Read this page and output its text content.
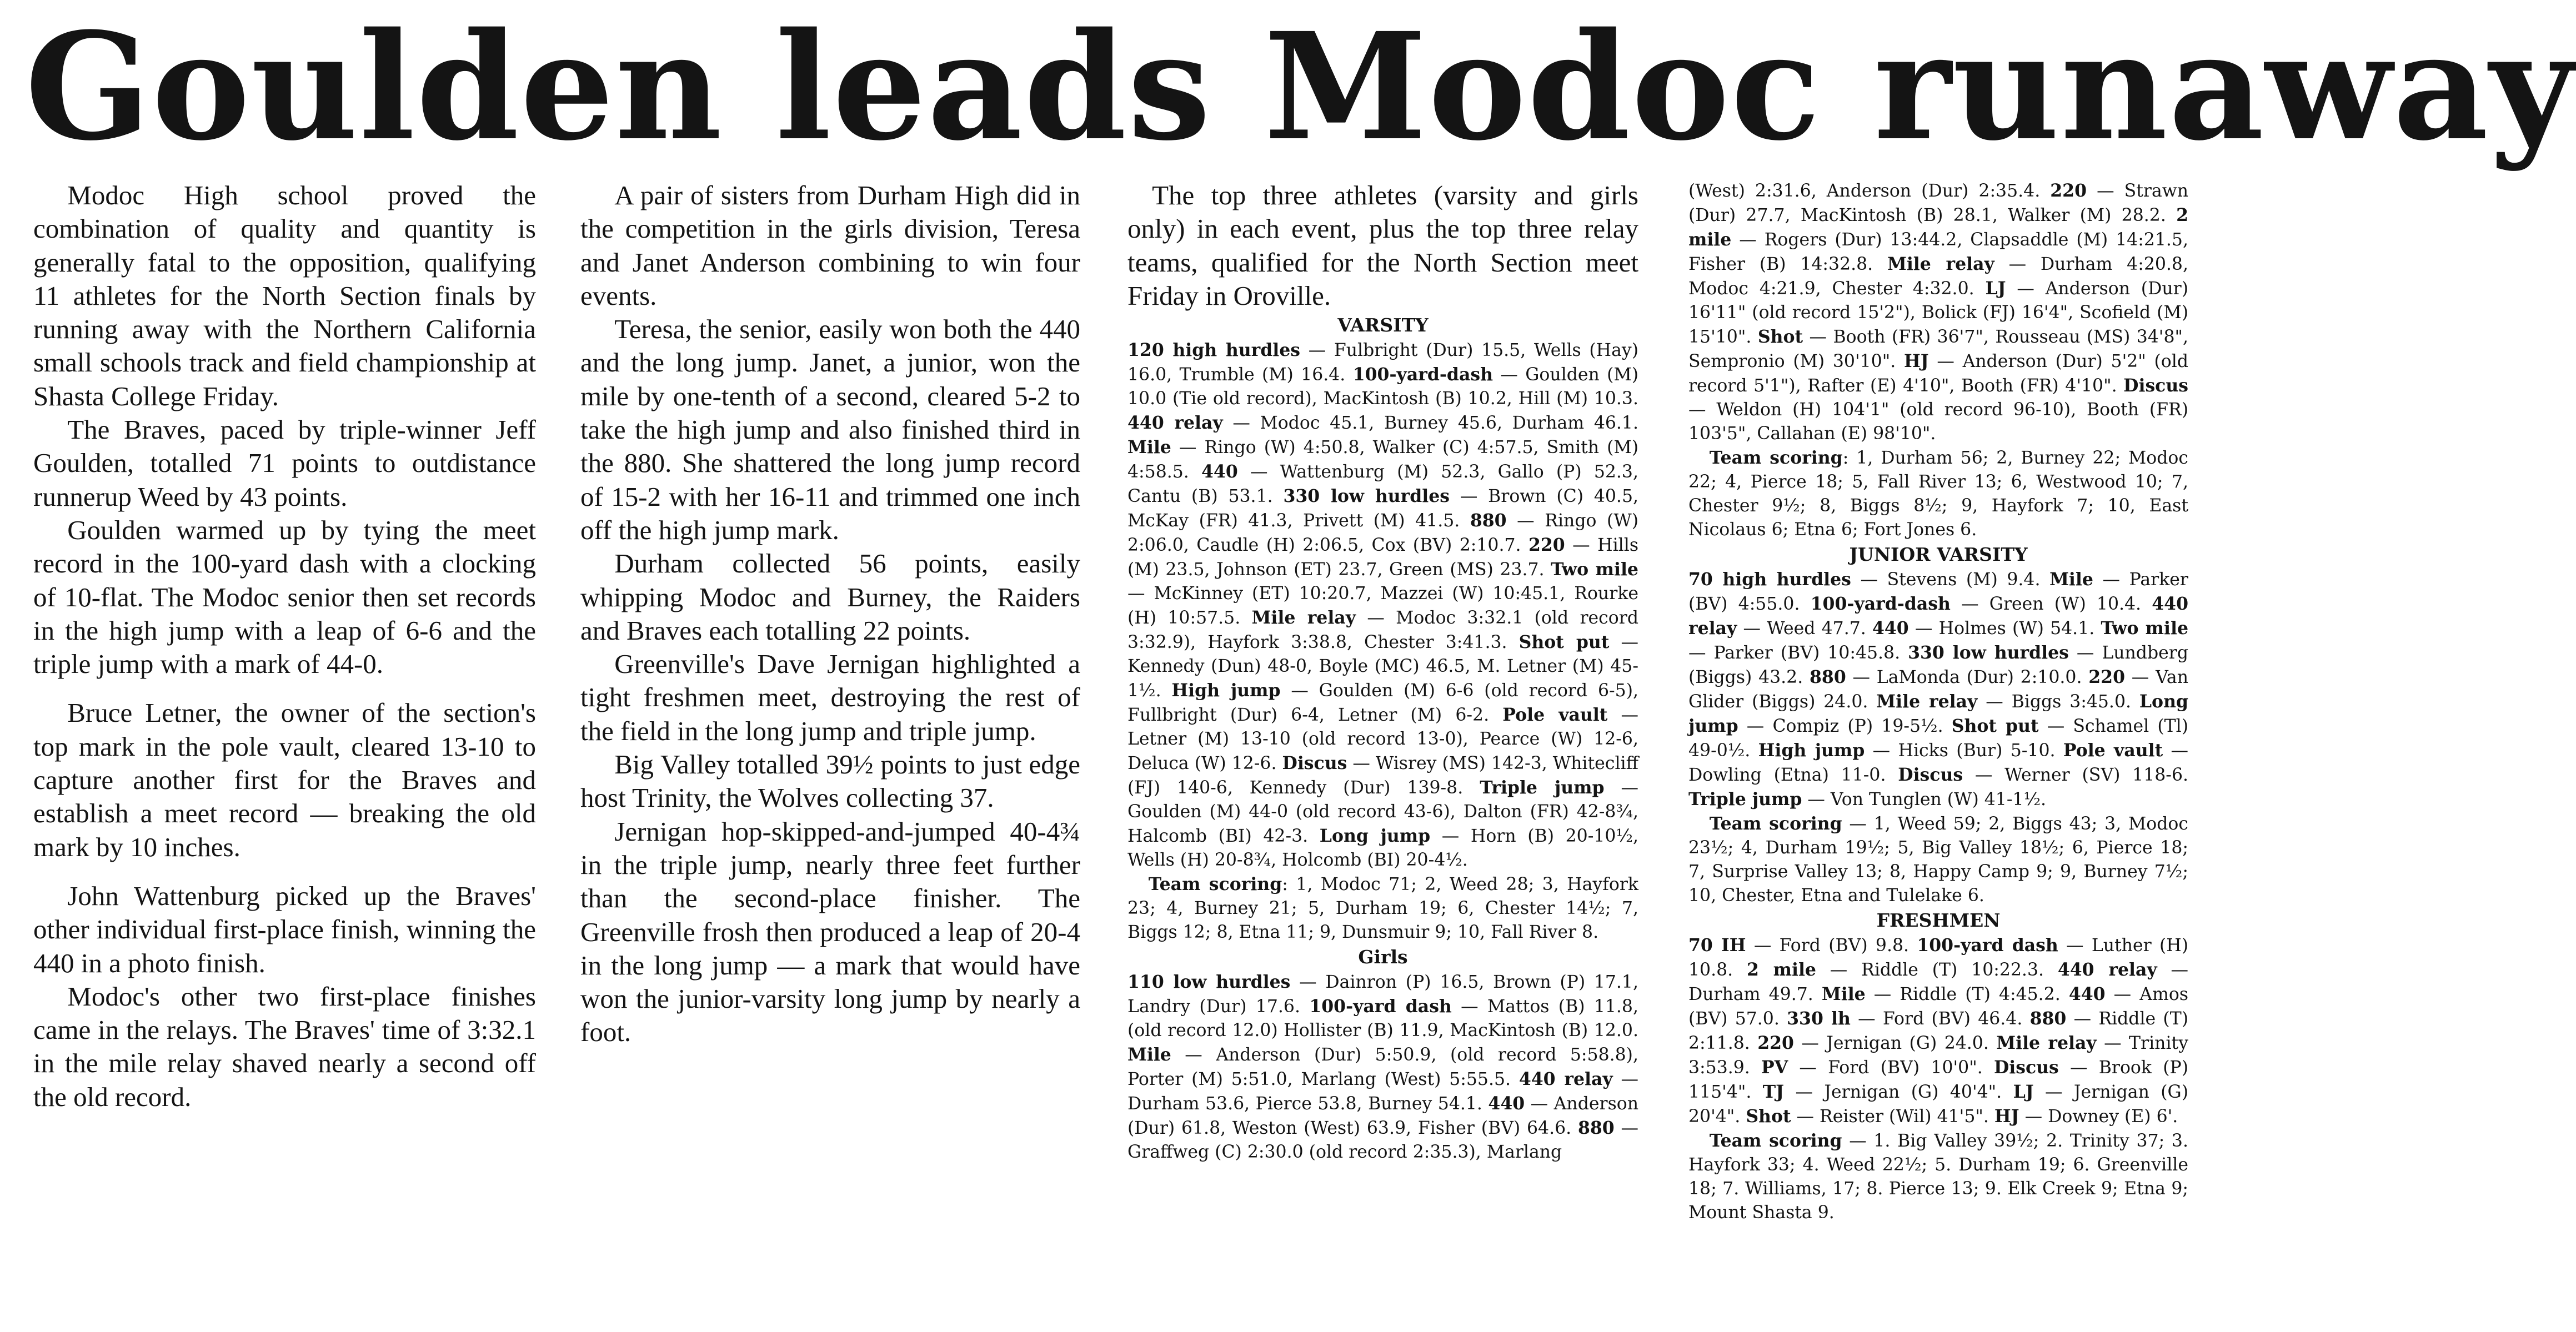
Goulden leads Modoc runaway

Modoc High school proved the combination of quality and quantity is generally fatal to the opposition, qualifying 11 athletes for the North Section finals by running away with the Northern California small schools track and field championship at Shasta College Friday.

The Braves, paced by triple-winner Jeff Goulden, totalled 71 points to outdistance runnerup Weed by 43 points.

Goulden warmed up by tying the meet record in the 100-yard dash with a clocking of 10-flat. The Modoc senior then set records in the high jump with a leap of 6-6 and the triple jump with a mark of 44-0.

Bruce Letner, the owner of the section's top mark in the pole vault, cleared 13-10 to capture another first for the Braves and establish a meet record — breaking the old mark by 10 inches.

John Wattenburg picked up the Braves' other individual first-place finish, winning the 440 in a photo finish.

Modoc's other two first-place finishes came in the relays. The Braves' time of 3:32.1 in the mile relay shaved nearly a second off the old record.

A pair of sisters from Durham High did in the competition in the girls division, Teresa and Janet Anderson combining to win four events.

Teresa, the senior, easily won both the 440 and the long jump. Janet, a junior, won the mile by one-tenth of a second, cleared 5-2 to take the high jump and also finished third in the 880. She shattered the long jump record of 15-2 with her 16-11 and trimmed one inch off the high jump mark.

Durham collected 56 points, easily whipping Modoc and Burney, the Raiders and Braves each totalling 22 points.

Greenville's Dave Jernigan highlighted a tight freshmen meet, destroying the rest of the field in the long jump and triple jump.

Big Valley totalled 39½ points to just edge host Trinity, the Wolves collecting 37.

Jernigan hop-skipped-and-jumped 40-4¾ in the triple jump, nearly three feet further than the second-place finisher. The Greenville frosh then produced a leap of 20-4 in the long jump — a mark that would have won the junior-varsity long jump by nearly a foot.

The top three athletes (varsity and girls only) in each event, plus the top three relay teams, qualified for the North Section meet Friday in Oroville.

VARSITY

120 high hurdles — Fulbright (Dur) 15.5, Wells (Hay) 16.0, Trumble (M) 16.4. 100-yard-dash — Goulden (M) 10.0 (Tie old record), MacKintosh (B) 10.2, Hill (M) 10.3. 440 relay — Modoc 45.1, Burney 45.6, Durham 46.1. Mile — Ringo (W) 4:50.8, Walker (C) 4:57.5, Smith (M) 4:58.5. 440 — Wattenburg (M) 52.3, Gallo (P) 52.3, Cantu (B) 53.1. 330 low hurdles — Brown (C) 40.5, McKay (FR) 41.3, Privett (M) 41.5. 880 — Ringo (W) 2:06.0, Caudle (H) 2:06.5, Cox (BV) 2:10.7. 220 — Hills (M) 23.5, Johnson (ET) 23.7, Green (MS) 23.7. Two mile — McKinney (ET) 10:20.7, Mazzei (W) 10:45.1, Rourke (H) 10:57.5. Mile relay — Modoc 3:32.1 (old record 3:32.9), Hayfork 3:38.8, Chester 3:41.3. Shot put — Kennedy (Dun) 48-0, Boyle (MC) 46.5, M. Letner (M) 45-1½. High jump — Goulden (M) 6-6 (old record 6-5), Fullbright (Dur) 6-4, Letner (M) 6-2. Pole vault — Letner (M) 13-10 (old record 13-0), Pearce (W) 12-6, Deluca (W) 12-6. Discus — Wisrey (MS) 142-3, Whitecliff (FJ) 140-6, Kennedy (Dur) 139-8. Triple jump — Goulden (M) 44-0 (old record 43-6), Dalton (FR) 42-8¾, Halcomb (BI) 42-3. Long jump — Horn (B) 20-10½, Wells (H) 20-8¾, Holcomb (BI) 20-4½.

Team scoring: 1, Modoc 71; 2, Weed 28; 3, Hayfork 23; 4, Burney 21; 5, Durham 19; 6, Chester 14½; 7, Biggs 12; 8, Etna 11; 9, Dunsmuir 9; 10, Fall River 8.

Girls

110 low hurdles — Dainron (P) 16.5, Brown (P) 17.1, Landry (Dur) 17.6. 100-yard dash — Mattos (B) 11.8, (old record 12.0) Hollister (B) 11.9, MacKintosh (B) 12.0. Mile — Anderson (Dur) 5:50.9, (old record 5:58.8), Porter (M) 5:51.0, Marlang (West) 5:55.5. 440 relay — Durham 53.6, Pierce 53.8, Burney 54.1. 440 — Anderson (Dur) 61.8, Weston (West) 63.9, Fisher (BV) 64.6. 880 — Graffweg (C) 2:30.0 (old record 2:35.3), Marlang

(West) 2:31.6, Anderson (Dur) 2:35.4. 220 — Strawn (Dur) 27.7, MacKintosh (B) 28.1, Walker (M) 28.2. 2 mile — Rogers (Dur) 13:44.2, Clapsaddle (M) 14:21.5, Fisher (B) 14:32.8. Mile relay — Durham 4:20.8, Modoc 4:21.9, Chester 4:32.0. LJ — Anderson (Dur) 16'11" (old record 15'2"), Bolick (FJ) 16'4", Scofield (M) 15'10". Shot — Booth (FR) 36'7", Rousseau (MS) 34'8", Sempronio (M) 30'10". HJ — Anderson (Dur) 5'2" (old record 5'1"), Rafter (E) 4'10", Booth (FR) 4'10". Discus — Weldon (H) 104'1" (old record 96-10), Booth (FR) 103'5", Callahan (E) 98'10".

Team scoring: 1, Durham 56; 2, Burney 22; Modoc 22; 4, Pierce 18; 5, Fall River 13; 6, Westwood 10; 7, Chester 9½; 8, Biggs 8½; 9, Hayfork 7; 10, East Nicolaus 6; Etna 6; Fort Jones 6.

JUNIOR VARSITY

70 high hurdles — Stevens (M) 9.4. Mile — Parker (BV) 4:55.0. 100-yard-dash — Green (W) 10.4. 440 relay — Weed 47.7. 440 — Holmes (W) 54.1. Two mile — Parker (BV) 10:45.8. 330 low hurdles — Lundberg (Biggs) 43.2. 880 — LaMonda (Dur) 2:10.0. 220 — Van Glider (Biggs) 24.0. Mile relay — Biggs 3:45.0. Long jump — Compiz (P) 19-5½. Shot put — Schamel (Tl) 49-0½. High jump — Hicks (Bur) 5-10. Pole vault — Dowling (Etna) 11-0. Discus — Werner (SV) 118-6. Triple jump — Von Tunglen (W) 41-1½.

Team scoring — 1, Weed 59; 2, Biggs 43; 3, Modoc 23½; 4, Durham 19½; 5, Big Valley 18½; 6, Pierce 18; 7, Surprise Valley 13; 8, Happy Camp 9; 9, Burney 7½; 10, Chester, Etna and Tulelake 6.

FRESHMEN

70 IH — Ford (BV) 9.8. 100-yard dash — Luther (H) 10.8. 2 mile — Riddle (T) 10:22.3. 440 relay — Durham 49.7. Mile — Riddle (T) 4:45.2. 440 — Amos (BV) 57.0. 330 lh — Ford (BV) 46.4. 880 — Riddle (T) 2:11.8. 220 — Jernigan (G) 24.0. Mile relay — Trinity 3:53.9. PV — Ford (BV) 10'0". Discus — Brook (P) 115'4". TJ — Jernigan (G) 40'4". LJ — Jernigan (G) 20'4". Shot — Reister (Wil) 41'5". HJ — Downey (E) 6'.

Team scoring — 1. Big Valley 39½; 2. Trinity 37; 3. Hayfork 33; 4. Weed 22½; 5. Durham 19; 6. Greenville 18; 7. Williams, 17; 8. Pierce 13; 9. Elk Creek 9; Etna 9; Mount Shasta 9.
